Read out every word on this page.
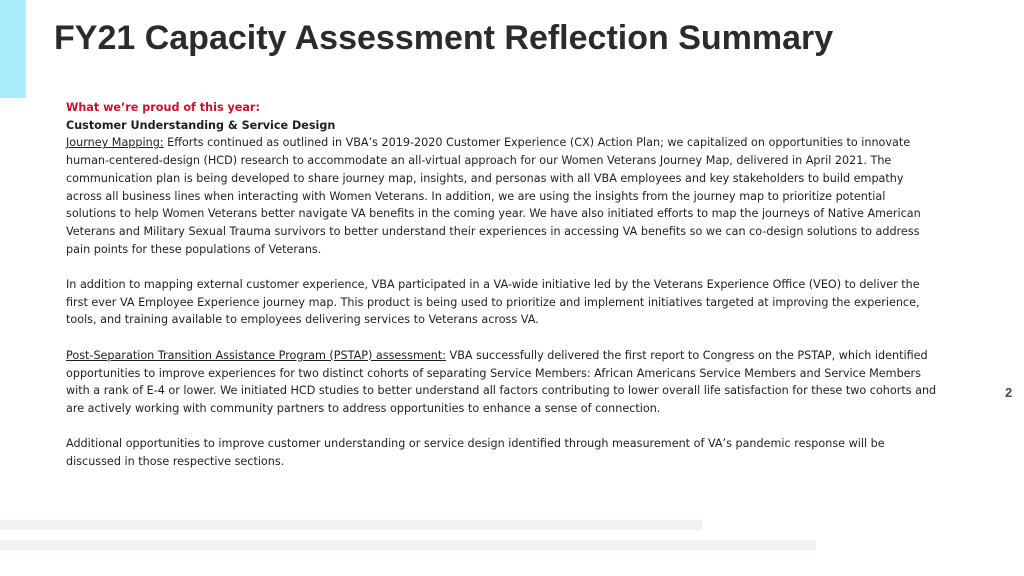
FY21 Capacity Assessment Reflection Summary

What we’re proud of this year:

Customer Understanding & Service Design

Journey Mapping: Efforts continued as outlined in VBA’s 2019-2020 Customer Experience (CX) Action Plan; we capitalized on opportunities to innovate human-centered-design (HCD) research to accommodate an all-virtual approach for our Women Veterans Journey Map, delivered in April 2021. The communication plan is being developed to share journey map, insights, and personas with all VBA employees and key stakeholders to build empathy across all business lines when interacting with Women Veterans. In addition, we are using the insights from the journey map to prioritize potential solutions to help Women Veterans better navigate VA benefits in the coming year. We have also initiated efforts to map the journeys of Native American Veterans and Military Sexual Trauma survivors to better understand their experiences in accessing VA benefits so we can co-design solutions to address pain points for these populations of Veterans.

In addition to mapping external customer experience, VBA participated in a VA-wide initiative led by the Veterans Experience Office (VEO) to deliver the first ever VA Employee Experience journey map. This product is being used to prioritize and implement initiatives targeted at improving the experience, tools, and training available to employees delivering services to Veterans across VA.

Post-Separation Transition Assistance Program (PSTAP) assessment: VBA successfully delivered the first report to Congress on the PSTAP, which identified opportunities to improve experiences for two distinct cohorts of separating Service Members: African Americans Service Members and Service Members with a rank of E-4 or lower. We initiated HCD studies to better understand all factors contributing to lower overall life satisfaction for these two cohorts and are actively working with community partners to address opportunities to enhance a sense of connection.

Additional opportunities to improve customer understanding or service design identified through measurement of VA’s pandemic response will be discussed in those respective sections.

2
